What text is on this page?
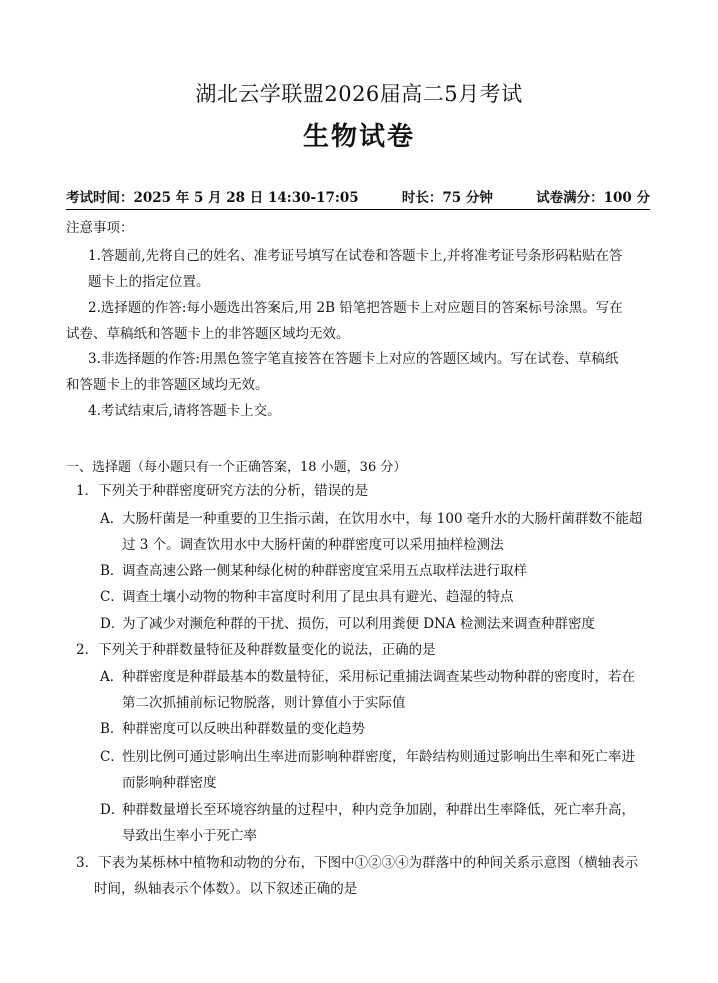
湖北云学联盟2026届高二5月考试
生物试卷
考试时间：2025 年 5 月 28 日 14:30-17:05	时长：75 分钟	试卷满分：100 分
注意事项：
1.答题前,先将自己的姓名、准考证号填写在试卷和答题卡上,并将准考证号条形码粘贴在答
题卡上的指定位置。
2.选择题的作答:每小题选出答案后,用 2B 铅笔把答题卡上对应题目的答案标号涂黑。写在
试卷、草稿纸和答题卡上的非答题区域均无效。
3.非选择题的作答:用黑色签字笔直接答在答题卡上对应的答题区域内。写在试卷、草稿纸
和答题卡上的非答题区域均无效。
4.考试结束后,请将答题卡上交。
一、选择题（每小题只有一个正确答案，18 小题，36 分）
1．下列关于种群密度研究方法的分析，错误的是
A．大肠杆菌是一种重要的卫生指示菌，在饮用水中，每 100 毫升水的大肠杆菌群数不能超
过 3 个。调查饮用水中大肠杆菌的种群密度可以采用抽样检测法
B．调查高速公路一侧某种绿化树的种群密度宜采用五点取样法进行取样
C．调查土壤小动物的物种丰富度时利用了昆虫具有避光、趋湿的特点
D．为了减少对濒危种群的干扰、损伤，可以利用粪便 DNA 检测法来调查种群密度
2．下列关于种群数量特征及种群数量变化的说法，正确的是
A．种群密度是种群最基本的数量特征，采用标记重捕法调查某些动物种群的密度时，若在
第二次抓捕前标记物脱落，则计算值小于实际值
B．种群密度可以反映出种群数量的变化趋势
C．性别比例可通过影响出生率进而影响种群密度，年龄结构则通过影响出生率和死亡率进
而影响种群密度
D．种群数量增长至环境容纳量的过程中，种内竞争加剧，种群出生率降低，死亡率升高，
导致出生率小于死亡率
3．下表为某栎林中植物和动物的分布，下图中①②③④为群落中的种间关系示意图（横轴表示
时间，纵轴表示个体数）。以下叙述正确的是
